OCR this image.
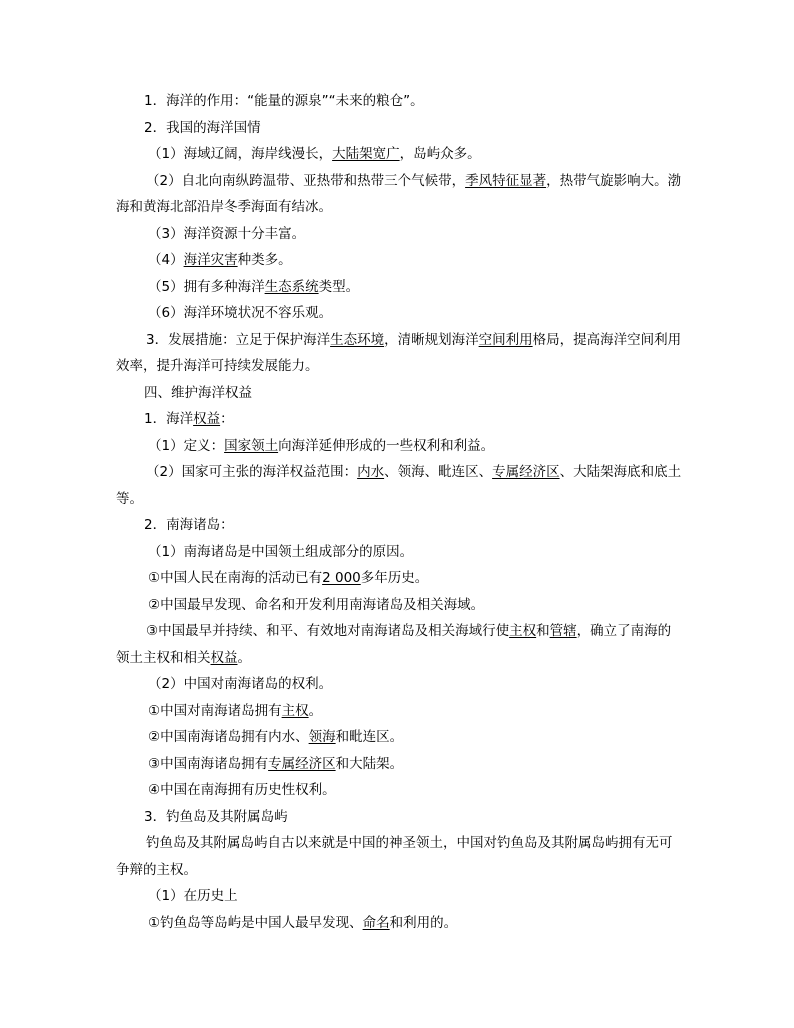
1．海洋的作用：“能量的源泉”“未来的粮仓”。
2．我国的海洋国情
（1）海域辽阔，海岸线漫长，大陆架宽广，岛屿众多。
（2）自北向南纵跨温带、亚热带和热带三个气候带，季风特征显著，热带气旋影响大。渤海和黄海北部沿岸冬季海面有结冰。
（3）海洋资源十分丰富。
（4）海洋灾害种类多。
（5）拥有多种海洋生态系统类型。
（6）海洋环境状况不容乐观。
3．发展措施：立足于保护海洋生态环境，清晰规划海洋空间利用格局，提高海洋空间利用效率，提升海洋可持续发展能力。
四、维护海洋权益
1．海洋权益：
（1）定义：国家领土向海洋延伸形成的一些权利和利益。
（2）国家可主张的海洋权益范围：内水、领海、毗连区、专属经济区、大陆架海底和底土等。
2．南海诸岛：
（1）南海诸岛是中国领土组成部分的原因。
①中国人民在南海的活动已有2 000多年历史。
②中国最早发现、命名和开发利用南海诸岛及相关海域。
③中国最早并持续、和平、有效地对南海诸岛及相关海域行使主权和管辖，确立了南海的领土主权和相关权益。
（2）中国对南海诸岛的权利。
①中国对南海诸岛拥有主权。
②中国南海诸岛拥有内水、领海和毗连区。
③中国南海诸岛拥有专属经济区和大陆架。
④中国在南海拥有历史性权利。
3．钓鱼岛及其附属岛屿
钓鱼岛及其附属岛屿自古以来就是中国的神圣领土，中国对钓鱼岛及其附属岛屿拥有无可争辩的主权。
（1）在历史上
①钓鱼岛等岛屿是中国人最早发现、命名和利用的。
